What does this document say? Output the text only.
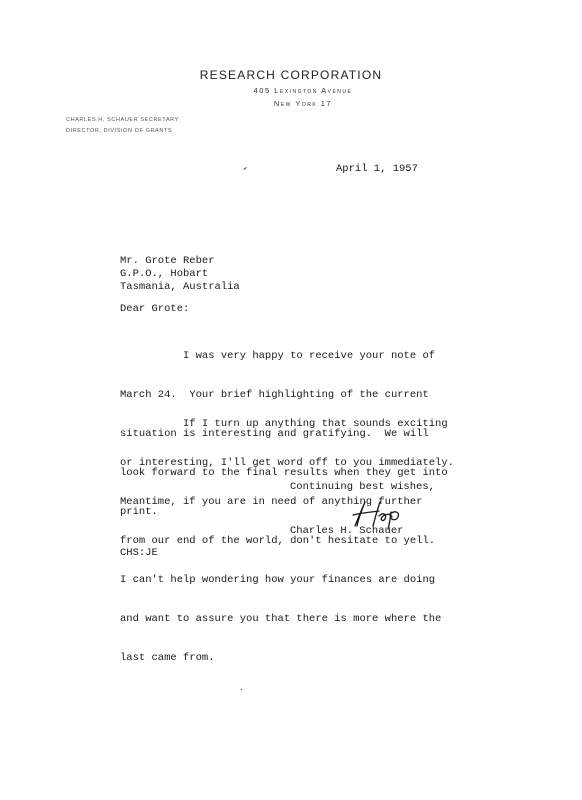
RESEARCH CORPORATION
405 Lexington Avenue
New York 17
CHARLES H. SCHAUER SECRETARY
DIRECTOR, DIVISION OF GRANTS
April 1, 1957
Mr. Grote Reber
G.P.O., Hobart
Tasmania, Australia
Dear Grote:

I was very happy to receive your note of

March 24.  Your brief highlighting of the current

situation is interesting and gratifying.  We will

look forward to the final results when they get into

print.

If I turn up anything that sounds exciting

or interesting, I'll get word off to you immediately.

Meantime, if you are in need of anything further

from our end of the world, don't hesitate to yell.

I can't help wondering how your finances are doing

and want to assure you that there is more where the

last came from.

Continuing best wishes,
Charles H. Schauer
CHS:JE
